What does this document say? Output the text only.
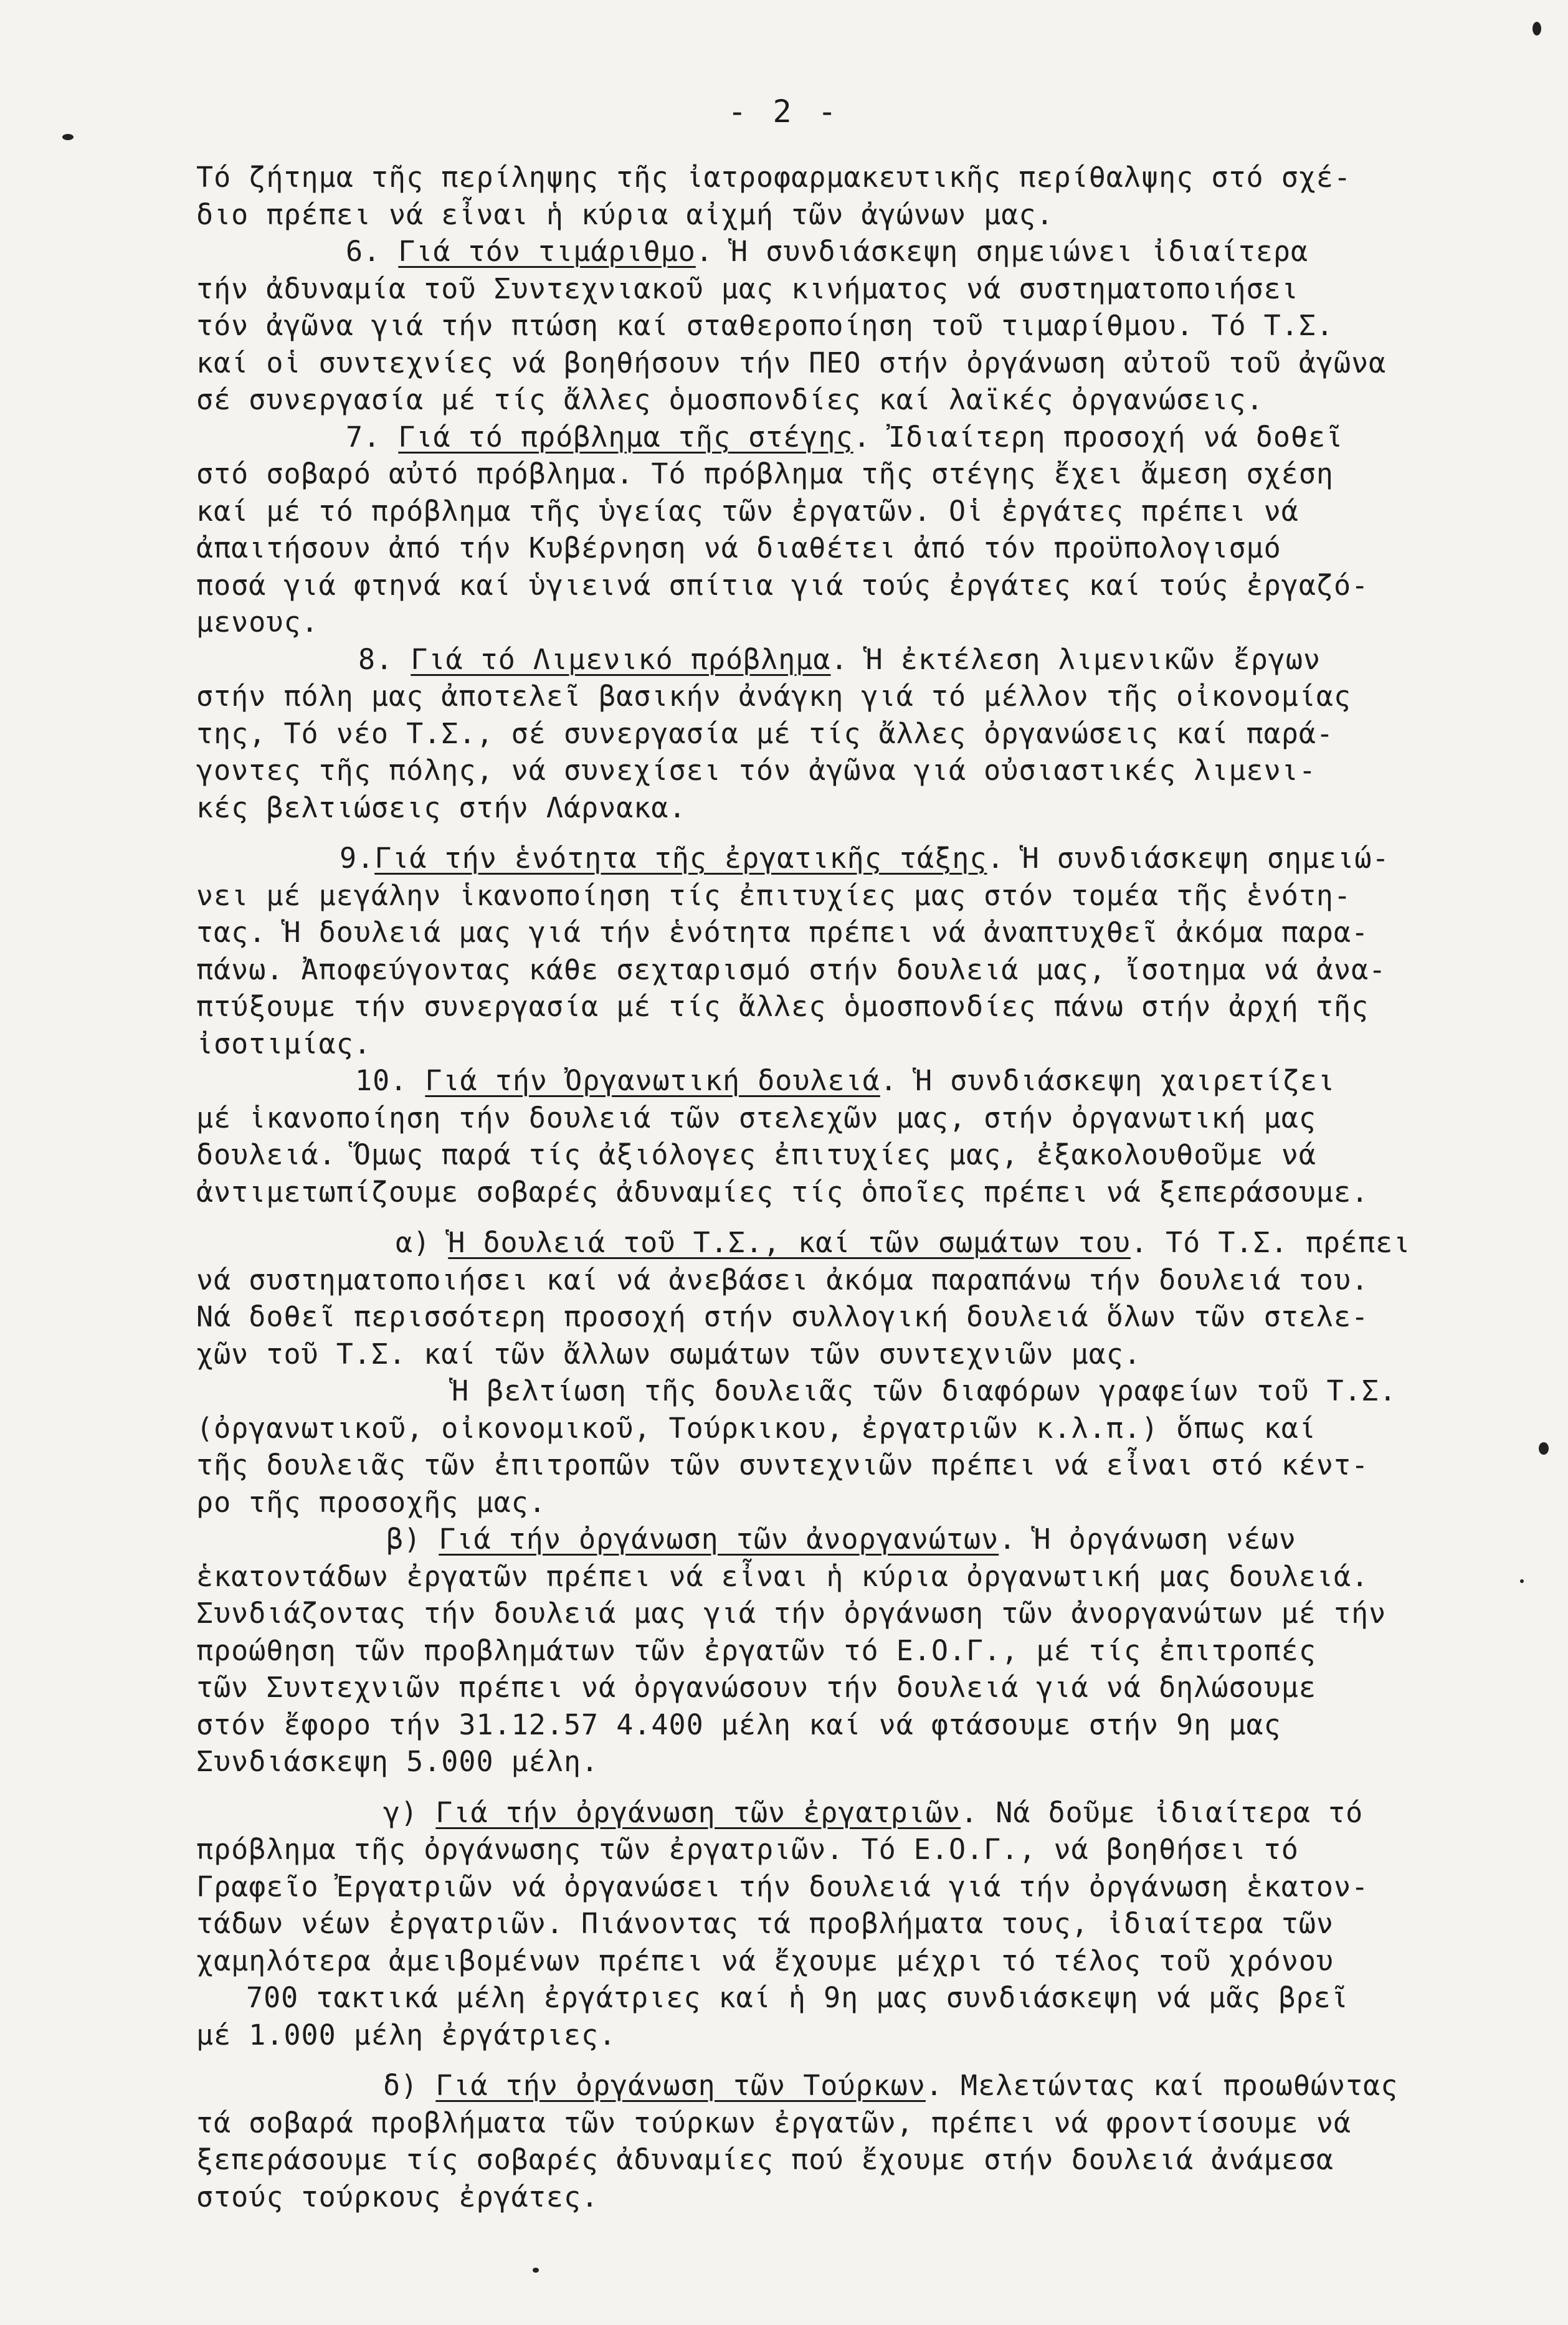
- 2 -
Τό ζήτημα τῆς περίληψης τῆς ἰατροφαρμακευτικῆς περίθαλψης στό σχέ-
διο πρέπει νά εἶναι ἡ κύρια αἰχμή τῶν ἀγώνων μας.
6. Γιά τόν τιμάριθμο. Ἡ συνδιάσκεψη σημειώνει ἰδιαίτερα
τήν ἀδυναμία τοῦ Συντεχνιακοῦ μας κινήματος νά συστηματοποιήσει
τόν ἀγῶνα γιά τήν πτώση καί σταθεροποίηση τοῦ τιμαρίθμου. Τό Τ.Σ.
καί οἱ συντεχνίες νά βοηθήσουν τήν ΠΕΟ στήν ὀργάνωση αὐτοῦ τοῦ ἀγῶνα
σέ συνεργασία μέ τίς ἄλλες ὁμοσπονδίες καί λαϊκές ὀργανώσεις.
7. Γιά τό πρόβλημα τῆς στέγης. Ἰδιαίτερη προσοχή νά δοθεῖ
στό σοβαρό αὐτό πρόβλημα. Τό πρόβλημα τῆς στέγης ἔχει ἄμεση σχέση
καί μέ τό πρόβλημα τῆς ὑγείας τῶν ἐργατῶν. Οἱ ἐργάτες πρέπει νά
ἀπαιτήσουν ἀπό τήν Κυβέρνηση νά διαθέτει ἀπό τόν προϋπολογισμό
ποσά γιά φτηνά καί ὑγιεινά σπίτια γιά τούς ἐργάτες καί τούς ἐργαζό-
μενους.
8. Γιά τό Λιμενικό πρόβλημα. Ἡ ἐκτέλεση λιμενικῶν ἔργων
στήν πόλη μας ἀποτελεῖ βασικήν ἀνάγκη γιά τό μέλλον τῆς οἰκονομίας
της, Τό νέο Τ.Σ., σέ συνεργασία μέ τίς ἄλλες ὀργανώσεις καί παρά-
γοντες τῆς πόλης, νά συνεχίσει τόν ἀγῶνα γιά οὐσιαστικές λιμενι-
κές βελτιώσεις στήν Λάρνακα.
9.Γιά τήν ἑνότητα τῆς ἐργατικῆς τάξης. Ἡ συνδιάσκεψη σημειώ-
νει μέ μεγάλην ἱκανοποίηση τίς ἐπιτυχίες μας στόν τομέα τῆς ἑνότη-
τας. Ἡ δουλειά μας γιά τήν ἑνότητα πρέπει νά ἀναπτυχθεῖ ἀκόμα παρα-
πάνω. Ἀποφεύγοντας κάθε σεχταρισμό στήν δουλειά μας, ἴσοτημα νά ἀνα-
πτύξουμε τήν συνεργασία μέ τίς ἄλλες ὁμοσπονδίες πάνω στήν ἀρχή τῆς
ἰσοτιμίας.
10. Γιά τήν Ὀργανωτική δουλειά. Ἡ συνδιάσκεψη χαιρετίζει
μέ ἱκανοποίηση τήν δουλειά τῶν στελεχῶν μας, στήν ὀργανωτική μας
δουλειά. Ὅμως παρά τίς ἀξιόλογες ἐπιτυχίες μας, ἐξακολουθοῦμε νά
ἀντιμετωπίζουμε σοβαρές ἀδυναμίες τίς ὁποῖες πρέπει νά ξεπεράσουμε.
α) Ἡ δουλειά τοῦ Τ.Σ., καί τῶν σωμάτων του. Τό Τ.Σ. πρέπει
νά συστηματοποιήσει καί νά ἀνεβάσει ἀκόμα παραπάνω τήν δουλειά του.
Νά δοθεῖ περισσότερη προσοχή στήν συλλογική δουλειά ὅλων τῶν στελε-
χῶν τοῦ Τ.Σ. καί τῶν ἄλλων σωμάτων τῶν συντεχνιῶν μας.
Ἡ βελτίωση τῆς δουλειᾶς τῶν διαφόρων γραφείων τοῦ Τ.Σ.
(ὀργανωτικοῦ, οἰκονομικοῦ, Τούρκικου, ἐργατριῶν κ.λ.π.) ὅπως καί
τῆς δουλειᾶς τῶν ἐπιτροπῶν τῶν συντεχνιῶν πρέπει νά εἶναι στό κέντ-
ρο τῆς προσοχῆς μας.
β) Γιά τήν ὀργάνωση τῶν ἀνοργανώτων. Ἡ ὀργάνωση νέων
ἑκατοντάδων ἐργατῶν πρέπει νά εἶναι ἡ κύρια ὀργανωτική μας δουλειά.
Συνδιάζοντας τήν δουλειά μας γιά τήν ὀργάνωση τῶν ἀνοργανώτων μέ τήν
προώθηση τῶν προβλημάτων τῶν ἐργατῶν τό Ε.Ο.Γ., μέ τίς ἐπιτροπές
τῶν Συντεχνιῶν πρέπει νά ὀργανώσουν τήν δουλειά γιά νά δηλώσουμε
στόν ἔφορο τήν 31.12.57 4.400 μέλη καί νά φτάσουμε στήν 9η μας
Συνδιάσκεψη 5.000 μέλη.
γ) Γιά τήν ὀργάνωση τῶν ἐργατριῶν. Νά δοῦμε ἰδιαίτερα τό
πρόβλημα τῆς ὀργάνωσης τῶν ἐργατριῶν. Τό Ε.Ο.Γ., νά βοηθήσει τό
Γραφεῖο Ἐργατριῶν νά ὀργανώσει τήν δουλειά γιά τήν ὀργάνωση ἑκατον-
τάδων νέων ἐργατριῶν. Πιάνοντας τά προβλήματα τους, ἰδιαίτερα τῶν
χαμηλότερα ἀμειβομένων πρέπει νά ἔχουμε μέχρι τό τέλος τοῦ χρόνου
700 τακτικά μέλη ἐργάτριες καί ἡ 9η μας συνδιάσκεψη νά μᾶς βρεῖ
μέ 1.000 μέλη ἐργάτριες.
δ) Γιά τήν ὀργάνωση τῶν Τούρκων. Μελετώντας καί προωθώντας
τά σοβαρά προβλήματα τῶν τούρκων ἐργατῶν, πρέπει νά φροντίσουμε νά
ξεπεράσουμε τίς σοβαρές ἀδυναμίες πού ἔχουμε στήν δουλειά ἀνάμεσα
στούς τούρκους ἐργάτες.
